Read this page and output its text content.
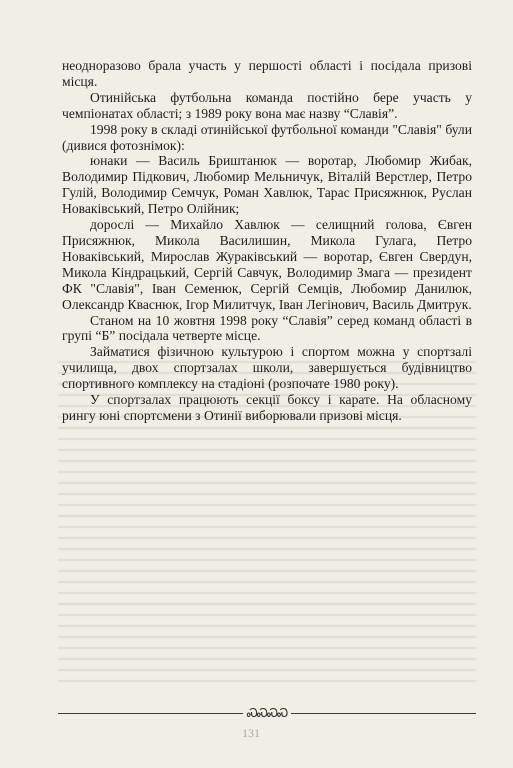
неодноразово брала участь у першості області і посідала призові місця.

Отинійська футбольна команда постійно бере участь у чемпіонатах області; з 1989 року вона має назву “Славія”.

1998 року в складі отинійської футбольної команди "Славія" були (дивися фотознімок):

юнаки — Василь Бриштанюк — воротар, Любомир Жибак, Володимир Підкович, Любомир Мельничук, Віталій Верстлер, Петро Гулій, Володимир Семчук, Роман Хавлюк, Тарас Присяжнюк, Руслан Новаківський, Петро Олійник;

дорослі — Михайло Хавлюк — селищний голова, Євген Присяжнюк, Микола Василишин, Микола Гулага, Петро Новаківський, Мирослав Жураківський — воротар, Євген Свердун, Микола Кіндрацький, Сергій Савчук, Володимир Змага — президент ФК "Славія", Іван Семенюк, Сергій Семців, Любомир Данилюк, Олександр Кваснюк, Ігор Милитчук, Іван Легінович, Василь Дмитрук.

Станом на 10 жовтня 1998 року “Славія” серед команд області в групі “Б” посідала четверте місце.

Займатися фізичною культурою і спортом можна у спортзалі училища, двох спортзалах школи, завершується будівництво спортивного комплексу на стадіоні (розпочате 1980 року).

У спортзалах працюють секції боксу і карате. На обласному рингу юні спортсмени з Отинії виборювали призові місця.

ᏍᏍᏍᏍ
131
